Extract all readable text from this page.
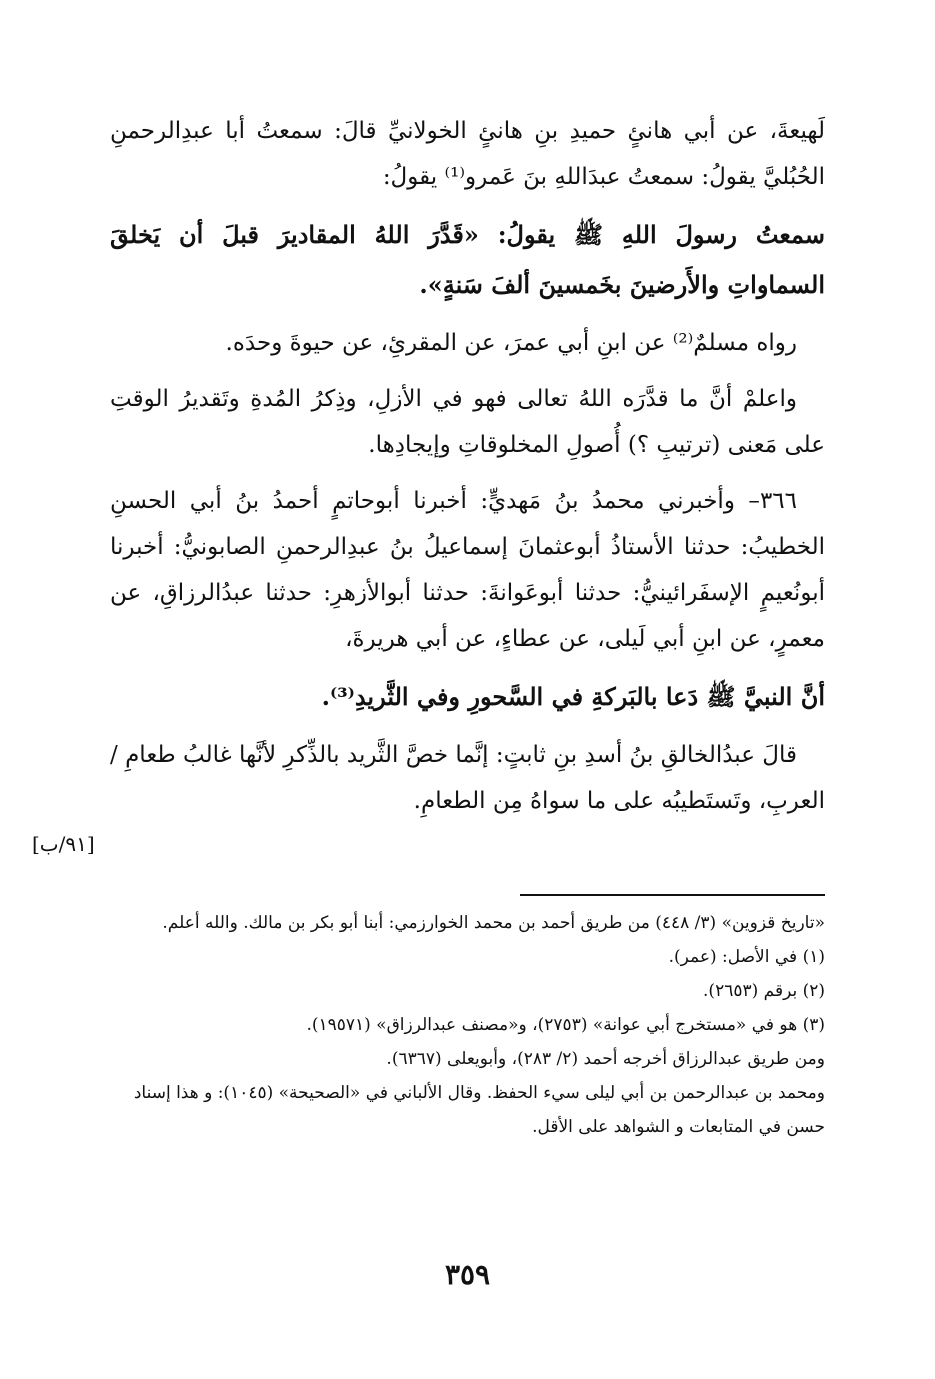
لَهيعةَ، عن أبي هانئٍ حميدِ بنِ هانئٍ الخولانيِّ قالَ: سمعتُ أبا عبدِالرحمنِ الحُبُليَّ يقولُ: سمعتُ عبدَاللهِ بنَ عَمرو⁽¹⁾ يقولُ:

سمعتُ رسولَ اللهِ ﷺ يقولُ: «قَدَّرَ اللهُ المقاديرَ قبلَ أن يَخلقَ السماواتِ والأَرضينَ بخَمسينَ ألفَ سَنةٍ».

رواه مسلمٌ⁽²⁾ عن ابنِ أبي عمرَ، عن المقرئِ، عن حيوةَ وحدَه.

واعلمْ أنَّ ما قدَّرَه اللهُ تعالى فهو في الأزلِ، وذِكرُ المُدةِ وتَقديرُ الوقتِ على مَعنى (ترتيبِ ؟) أُصولِ المخلوقاتِ وإيجادِها.

٣٦٦– وأخبرني محمدُ بنُ مَهديٍّ: أخبرنا أبوحاتمٍ أحمدُ بنُ أبي الحسنِ الخطيبُ: حدثنا الأستاذُ أبوعثمانَ إسماعيلُ بنُ عبدِالرحمنِ الصابونيُّ: أخبرنا أبونُعيمٍ الإسفَرائينيُّ: حدثنا أبوعَوانةَ: حدثنا أبوالأزهرِ: حدثنا عبدُالرزاقِ، عن معمرٍ، عن ابنِ أبي لَيلى، عن عطاءٍ، عن أبي هريرةَ،

أنَّ النبيَّ ﷺ دَعا بالبَركةِ في السَّحورِ وفي الثَّريدِ⁽³⁾.

قالَ عبدُالخالقِ بنُ أسدِ بنِ ثابتٍ: إنَّما خصَّ الثَّريد بالذِّكرِ لأنَّها غالبُ طعامِ / العربِ، وتَستَطيبُه على ما سواهُ مِن الطعامِ.

[٩١/ب]

«تاريخ قزوين» (٣/ ٤٤٨) من طريق أحمد بن محمد الخوارزمي: أبنا أبو بكر بن مالك. والله أعلم.

(١) في الأصل: (عمر).

(٢) برقم (٢٦٥٣).

(٣) هو في «مستخرج أبي عوانة» (٢٧٥٣)، و«مصنف عبدالرزاق» (١٩٥٧١).

ومن طريق عبدالرزاق أخرجه أحمد (٢/ ٢٨٣)، وأبويعلى (٦٣٦٧).

ومحمد بن عبدالرحمن بن أبي ليلى سيء الحفظ. وقال الألباني في «الصحيحة» (١٠٤٥): و هذا إسناد حسن في المتابعات و الشواهد على الأقل.

٣٥٩
